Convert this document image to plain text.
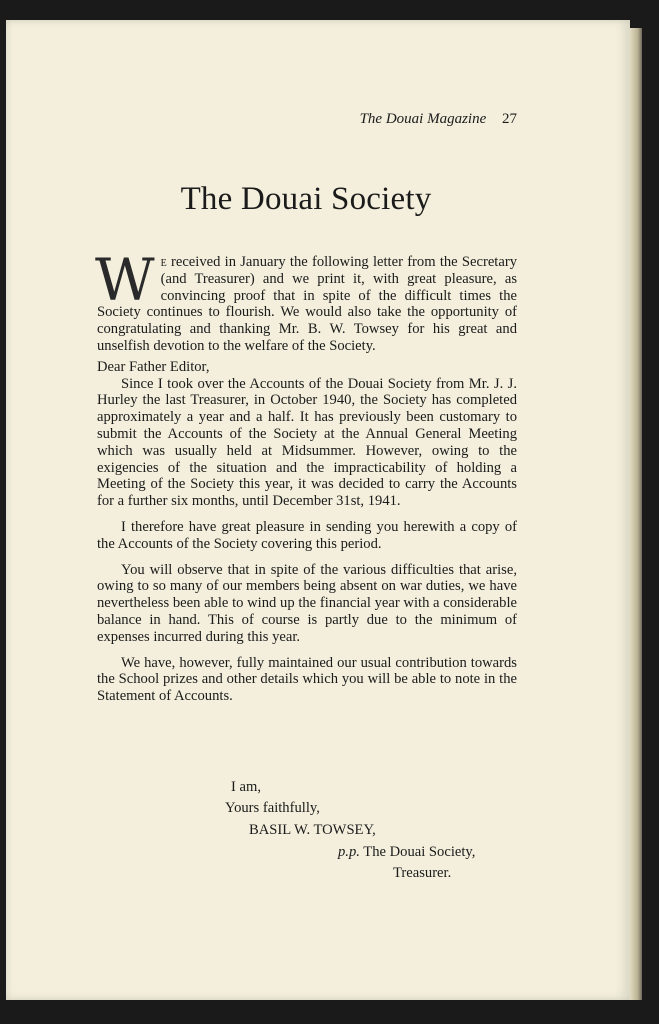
The Douai Magazine 27
The Douai Society

We received in January the following letter from the Secretary (and Treasurer) and we print it, with great pleasure, as convincing proof that in spite of the difficult times the Society continues to flourish. We would also take the opportunity of congratulating and thanking Mr. B. W. Towsey for his great and unselfish devotion to the welfare of the Society.

Dear Father Editor,

Since I took over the Accounts of the Douai Society from Mr. J. J. Hurley the last Treasurer, in October 1940, the Society has completed approximately a year and a half. It has previously been customary to submit the Accounts of the Society at the Annual General Meeting which was usually held at Midsummer. However, owing to the exigencies of the situation and the impracticability of holding a Meeting of the Society this year, it was decided to carry the Accounts for a further six months, until December 31st, 1941.

I therefore have great pleasure in sending you herewith a copy of the Accounts of the Society covering this period.

You will observe that in spite of the various difficulties that arise, owing to so many of our members being absent on war duties, we have nevertheless been able to wind up the financial year with a considerable balance in hand. This of course is partly due to the minimum of expenses incurred during this year.

We have, however, fully maintained our usual contribution towards the School prizes and other details which you will be able to note in the Statement of Accounts.

I am,
Yours faithfully,
BASIL W. TOWSEY,
p.p. The Douai Society,
Treasurer.
